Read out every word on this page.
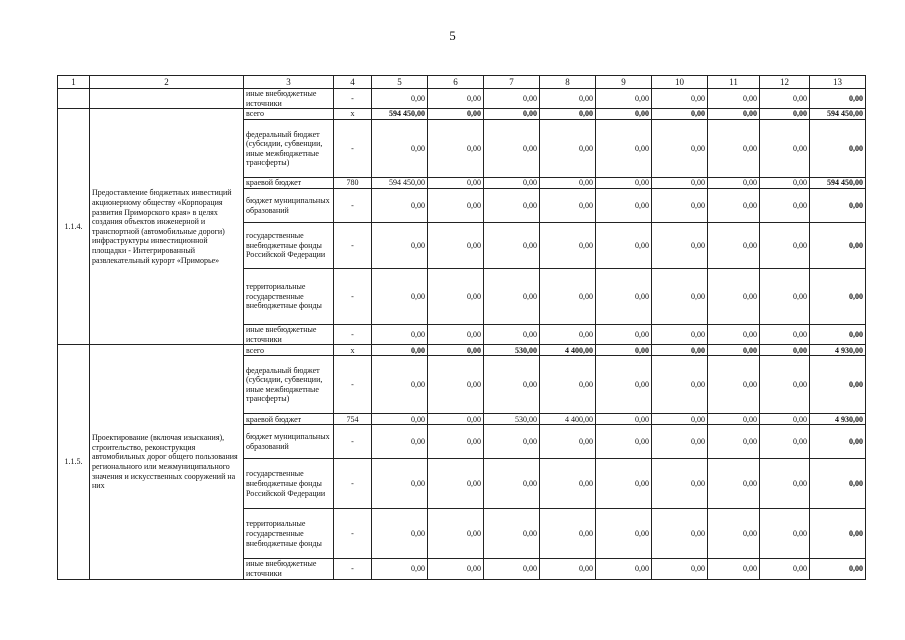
5
1	2	3	4	5	6	7	8	9	10	11	12	13
		иные внебюджетные источники	-	0,00	0,00	0,00	0,00	0,00	0,00	0,00	0,00	0,00
1.1.4.	Предоставление бюджетных инвестиций акционерному обществу «Корпорация развития Приморского края» в целях создания объектов инженерной и транспортной (автомобильные дороги) инфраструктуры инвестиционной площадки - Интегрированный развлекательный курорт «Приморье»	всего	x	594 450,00	0,00	0,00	0,00	0,00	0,00	0,00	0,00	594 450,00
		федеральный бюджет (субсидии, субвенции, иные межбюджетные трансферты)	-	0,00	0,00	0,00	0,00	0,00	0,00	0,00	0,00	0,00
		краевой бюджет	780	594 450,00	0,00	0,00	0,00	0,00	0,00	0,00	0,00	594 450,00
		бюджет муниципальных образований	-	0,00	0,00	0,00	0,00	0,00	0,00	0,00	0,00	0,00
		государственные внебюджетные фонды Российской Федерации	-	0,00	0,00	0,00	0,00	0,00	0,00	0,00	0,00	0,00
		территориальные государственные внебюджетные фонды	-	0,00	0,00	0,00	0,00	0,00	0,00	0,00	0,00	0,00
		иные внебюджетные источники	-	0,00	0,00	0,00	0,00	0,00	0,00	0,00	0,00	0,00
1.1.5.	Проектирование (включая изыскания), строительство, реконструкция автомобильных дорог общего пользования регионального или межмуниципального значения и искусственных сооружений на них	всего	x	0,00	0,00	530,00	4 400,00	0,00	0,00	0,00	0,00	4 930,00
		федеральный бюджет (субсидии, субвенции, иные межбюджетные трансферты)	-	0,00	0,00	0,00	0,00	0,00	0,00	0,00	0,00	0,00
		краевой бюджет	754	0,00	0,00	530,00	4 400,00	0,00	0,00	0,00	0,00	4 930,00
		бюджет муниципальных образований	-	0,00	0,00	0,00	0,00	0,00	0,00	0,00	0,00	0,00
		государственные внебюджетные фонды Российской Федерации	-	0,00	0,00	0,00	0,00	0,00	0,00	0,00	0,00	0,00
		территориальные государственные внебюджетные фонды	-	0,00	0,00	0,00	0,00	0,00	0,00	0,00	0,00	0,00
		иные внебюджетные источники	-	0,00	0,00	0,00	0,00	0,00	0,00	0,00	0,00	0,00
